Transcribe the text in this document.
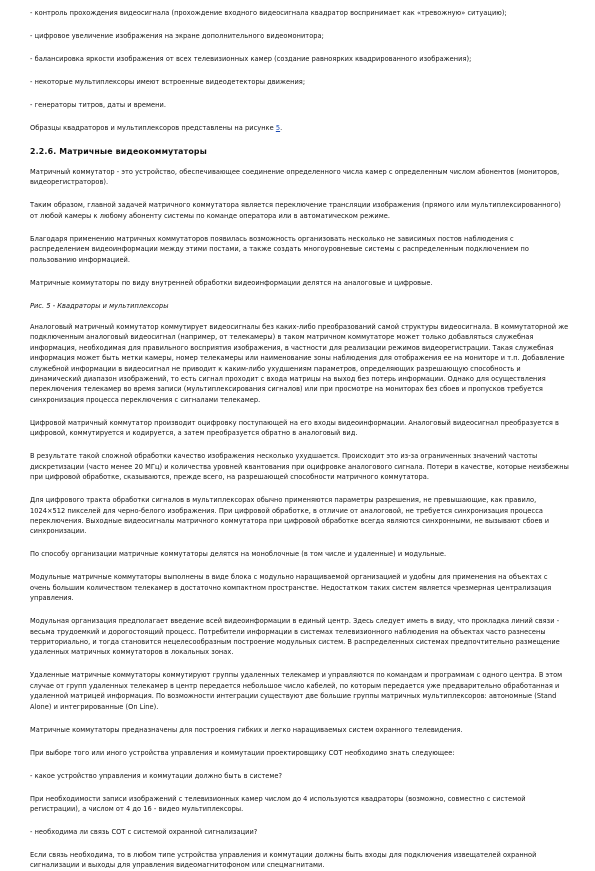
- контроль прохождения видеосигнала (прохождение входного видеосигнала квадратор воспринимает как «тревожную» ситуацию);

- цифровое увеличение изображения на экране дополнительного видеомонитора;

- балансировка яркости изображения от всех телевизионных камер (создание равноярких квадрированного изображения);

- некоторые мультиплексоры имеют встроенные видеодетекторы движения;

- генераторы титров, даты и времени.

Образцы квадраторов и мультиплексоров представлены на рисунке 5.

2.2.6. Матричные видеокоммутаторы

Матричный коммутатор - это устройство, обеспечивающее соединение определенного числа камер с определенным числом абонентов (мониторов, видеорегистраторов).

Таким образом, главной задачей матричного коммутатора является переключение трансляции изображения (прямого или мультиплексированного) от любой камеры к любому абоненту системы по команде оператора или в автоматическом режиме.

Благодаря применению матричных коммутаторов появилась возможность организовать несколько не зависимых постов наблюдения с распределением видеоинформации между этими постами, а также создать многоуровневые системы с распределенным подключением по пользованию информацией.

Матричные коммутаторы по виду внутренней обработки видеоинформации делятся на аналоговые и цифровые.

Рис. 5 - Квадраторы и мультиплексоры

Аналоговый матричный коммутатор коммутирует видеосигналы без каких-либо преобразований самой структуры видеосигнала. В коммутаторной же подключенным аналоговый видеосигнал (например, от телекамеры) в таком матричном коммутаторе может только добавляться служебная информация, необходимая для правильного восприятия изображения, в частности для реализации режимов видеорегистрации. Такая служебная информация может быть метки камеры, номер телекамеры или наименование зоны наблюдения для отображения ее на мониторе и т.п. Добавление служебной информации в видеосигнал не приводит к каким-либо ухудшениям параметров, определяющих разрешающую способность и динамический диапазон изображений, то есть сигнал проходит с входа матрицы на выход без потерь информации. Однако для осуществления переключения телекамер во время записи (мультиплексирования сигналов) или при просмотре на мониторах без сбоев и пропусков требуется синхронизация процесса переключения с сигналами телекамер.

Цифровой матричный коммутатор производит оцифровку поступающей на его входы видеоинформации. Аналоговый видеосигнал преобразуется в цифровой, коммутируется и кодируется, а затем преобразуется обратно в аналоговый вид.

В результате такой сложной обработки качество изображения несколько ухудшается. Происходит это из-за ограниченных значений частоты дискретизации (часто менее 20 МГц) и количества уровней квантования при оцифровке аналогового сигнала. Потери в качестве, которые неизбежны при цифровой обработке, сказываются, прежде всего, на разрешающей способности матричного коммутатора.

Для цифрового тракта обработки сигналов в мультиплексорах обычно применяются параметры разрешения, не превышающие, как правило, 1024×512 пикселей для черно-белого изображения. При цифровой обработке, в отличие от аналоговой, не требуется синхронизация процесса переключения. Выходные видеосигналы матричного коммутатора при цифровой обработке всегда являются синхронными, не вызывают сбоев и синхронизации.

По способу организации матричные коммутаторы делятся на моноблочные (в том числе и удаленные) и модульные.

Модульные матричные коммутаторы выполнены в виде блока с модульно наращиваемой организацией и удобны для применения на объектах с очень большим количеством телекамер в достаточно компактном пространстве. Недостатком таких систем является чрезмерная централизация управления.

Модульная организация предполагает введение всей видеоинформации в единый центр. Здесь следует иметь в виду, что прокладка линий связи - весьма трудоемкий и дорогостоящий процесс. Потребители информации в системах телевизионного наблюдения на объектах часто разнесены территориально, и тогда становится нецелесообразным построение модульных систем. В распределенных системах предпочтительно размещение удаленных матричных коммутаторов в локальных зонах.

Удаленные матричные коммутаторы коммутируют группы удаленных телекамер и управляются по командам и программам с одного центра. В этом случае от групп удаленных телекамер в центр передается небольшое число кабелей, по которым передается уже предварительно обработанная и удаленной матрицей информация. По возможности интеграции существуют две большие группы матричных мультиплексоров: автономные (Stand Alone) и интегрированные (On Line).

Матричные коммутаторы предназначены для построения гибких и легко наращиваемых систем охранного телевидения.

При выборе того или иного устройства управления и коммутации проектировщику СОТ необходимо знать следующее:

- какое устройство управления и коммутации должно быть в системе?

При необходимости записи изображений с телевизионных камер числом до 4 используются квадраторы (возможно, совместно с системой регистрации), а числом от 4 до 16 - видео мультиплексоры.

- необходима ли связь СОТ с системой охранной сигнализации?

Если связь необходима, то в любом типе устройства управления и коммутации должны быть входы для подключения извещателей охранной сигнализации и выходы для управления видеомагнитофоном или спецмагнитами.
